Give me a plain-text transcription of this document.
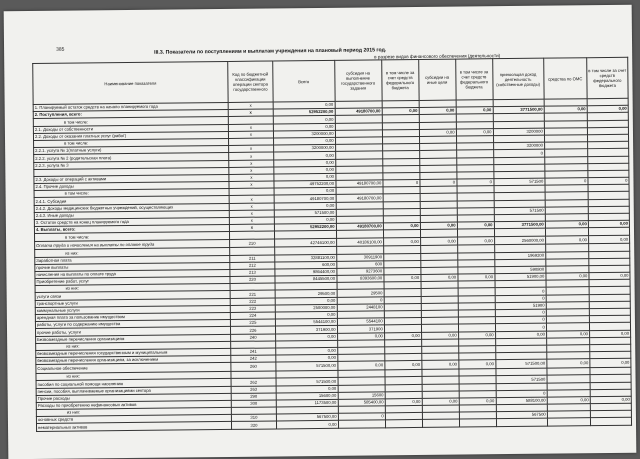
385	III.3. Показатели по поступлениям и выплатам учреждения на плановый период 2015 год.
в разрезе видов финансового обеспечения (деятельности)
Наименование показателя	Код по бюджетной классификации операции сектора государственного	Всего	субсидия на выполнение государственного задания	в том числе за счет средств федерального бюджета	субсидии на иные цели	в том числе за счет средств федерального бюджета	приносящая доход деятельность (собственные доходы)	средства по ОМС	в том числе за счет средств федерального бюджета
1. Планируемый остаток средств на начало планируемого года	x	0,00							
2. Поступления, всего:	x	52952200,00	49180700,00	0,00	0,00	0,00	3771500,00	0,00	0,00
в том числе:		0,00							
2.1. Доходы от собственности	x	0,00							
2.2. Доходы от оказания платных услуг (работ)	x	3200000,00			0,00	0,00	3200000		
в том числе:		0,00							
2.2.1. услуга № 1(платные услуги)	x	3200000,00					3200000		
2.2.2. услуга № 2 (родительская плата)	x	0,00					0		
2.2.3. услуга № 3	x	0,00							
	x	0,00							
2.3. Доходы от операций с активами	x	0,00							
2.4. Прочие доходы	x	49752200,00	49180700,00	0	0	0	571500	0	0
в том числе:		0,00							
2.4.1. Субсидии	x	49180700,00	49180700,00						
2.4.2. Доходы медицинских бюджетных учреждений, осуществляющих	x	0,00							
2.4.3. Иные доходы	x	571500,00					571500		
3. Остаток средств на конец планируемого года	x	0,00							
4. Выплаты, всего:	x	52952200,00	49180700,00	0,00	0,00	0,00	3771500,00	0,00	0,00
в том числе:									
Оплата труда и начисления на выплаты по оплате труда	210	42746100,00	40186100,00	0,00	0,00	0,00	2560000,00	0,00	0,00
из них:									
Заработная плата	211	32881100,00	30911900				1969200		
прочие выплаты	212	600,00	600						
начисления на выплаты по оплате труда	213	9864400,00	9273600				590800		
Приобретение работ, услуг	220	8445500,00	8393600,00	0,00	0,00	0,00	51900,00	0,00	0,00
из них:									
услуги связи	221	29500,00	29500				0		
транспортные услуги	222	0,00	0				0		
коммунальные услуги	223	2500000,00	2448100				51900		
арендная плата за пользование имуществом	224	0,00					0		
работы, услуги по содержанию имущества	225	5544100,00	5544100				0		
прочие работы, услуги	226	371900,00	371900				0		
Безвозмездные перечисления организациям	240	0,00	0,00	0,00	0,00	0,00	0,00	0,00	0,00
из них:									
безвозмездные перечисления государственным и муниципальным	241	0,00							
безвозмездные перечисления организациям, за исключением	242	0,00							
Социальное обеспечение	260	571500,00	0,00	0,00	0,00	0,00	571500,00	0,00	0,00
из них:									
пособия по социальной помощи населению	262	571500,00					571500		
пенсии, пособия, выплачиваемые организациями сектора	263	0,00							
Прочие расходы	290	15600,00	15600				0		
Расходы по приобретению нефинансовых активов	300	1173500,00	585400,00	0,00	0,00	0,00	588100,00	0,00	0,00
из них:									
основных средств	310	567500,00	0				567500		
нематериальных активов	320	0,00							
